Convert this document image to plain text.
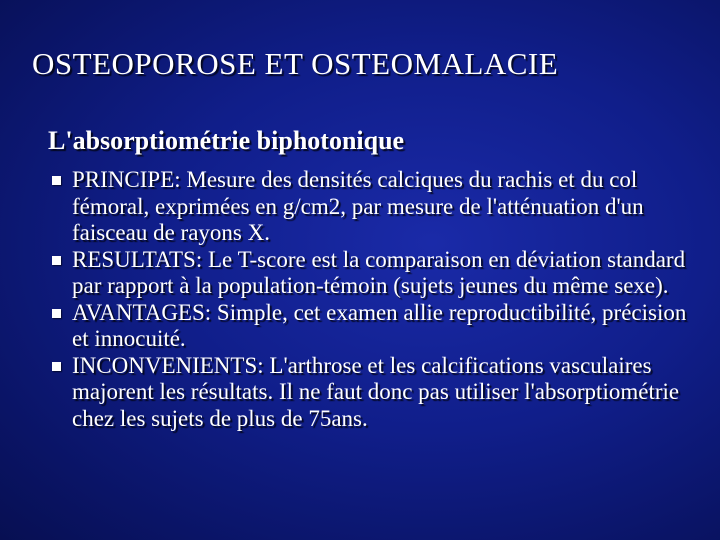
OSTEOPOROSE ET OSTEOMALACIE
L'absorptiométrie biphotonique
PRINCIPE: Mesure des densités calciques du rachis et du col fémoral, exprimées en g/cm2, par mesure de l'atténuation d'un faisceau de rayons X.
RESULTATS: Le T-score est la comparaison en déviation standard par rapport à la population-témoin (sujets jeunes du même sexe).
AVANTAGES: Simple, cet examen allie reproductibilité, précision et innocuité.
INCONVENIENTS: L'arthrose et les calcifications vasculaires majorent les résultats. Il ne faut donc pas utiliser l'absorptiométrie chez les sujets de plus de 75ans.
